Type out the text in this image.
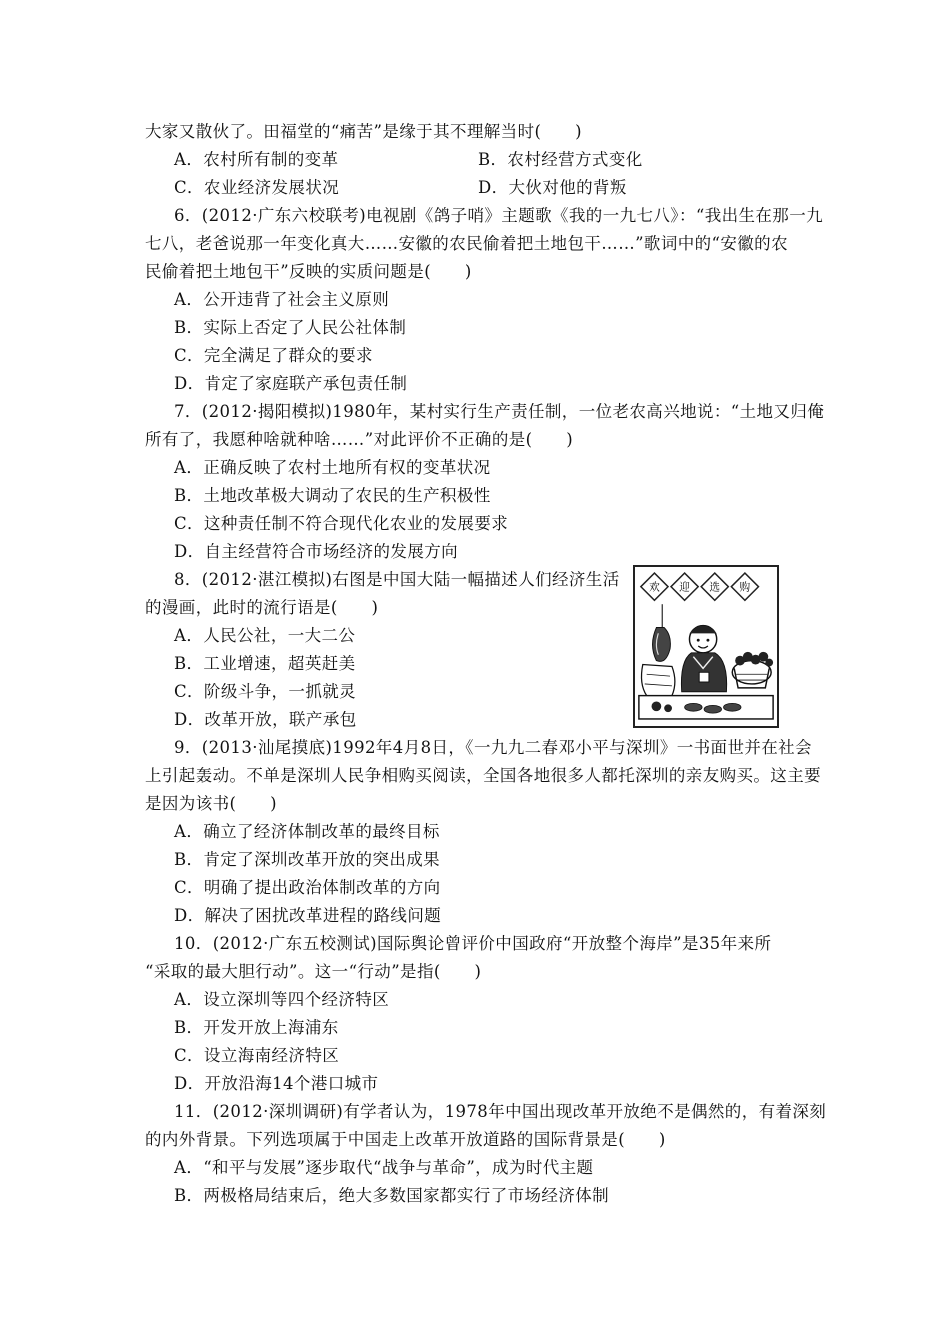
大家又散伙了。田福堂的“痛苦”是缘于其不理解当时(　　)
A．农村所有制的变革	B．农村经营方式变化
C．农业经济发展状况	D．大伙对他的背叛
6．(2012·广东六校联考)电视剧《鸽子哨》主题歌《我的一九七八》：“我出生在那一九
七八，老爸说那一年变化真大……安徽的农民偷着把土地包干……”歌词中的“安徽的农
民偷着把土地包干”反映的实质问题是(　　)
A．公开违背了社会主义原则
B．实际上否定了人民公社体制
C．完全满足了群众的要求
D．肯定了家庭联产承包责任制
7．(2012·揭阳模拟)1980年，某村实行生产责任制，一位老农高兴地说：“土地又归俺
所有了，我愿种啥就种啥……”对此评价不正确的是(　　)
A．正确反映了农村土地所有权的变革状况
B．土地改革极大调动了农民的生产积极性
C．这种责任制不符合现代化农业的发展要求
D．自主经营符合市场经济的发展方向
8．(2012·湛江模拟)右图是中国大陆一幅描述人们经济生活
的漫画，此时的流行语是(　　)
A．人民公社，一大二公
B．工业增速，超英赶美
C．阶级斗争，一抓就灵
D．改革开放，联产承包
欢 迎 选 购
9．(2013·汕尾摸底)1992年4月8日，《一九九二春邓小平与深圳》一书面世并在社会
上引起轰动。不单是深圳人民争相购买阅读，全国各地很多人都托深圳的亲友购买。这主要
是因为该书(　　)
A．确立了经济体制改革的最终目标
B．肯定了深圳改革开放的突出成果
C．明确了提出政治体制改革的方向
D．解决了困扰改革进程的路线问题
10．(2012·广东五校测试)国际舆论曾评价中国政府“开放整个海岸”是35年来所
“采取的最大胆行动”。这一“行动”是指(　　)
A．设立深圳等四个经济特区
B．开发开放上海浦东
C．设立海南经济特区
D．开放沿海14个港口城市
11．(2012·深圳调研)有学者认为，1978年中国出现改革开放绝不是偶然的，有着深刻
的内外背景。下列选项属于中国走上改革开放道路的国际背景是(　　)
A．“和平与发展”逐步取代“战争与革命”，成为时代主题
B．两极格局结束后，绝大多数国家都实行了市场经济体制
